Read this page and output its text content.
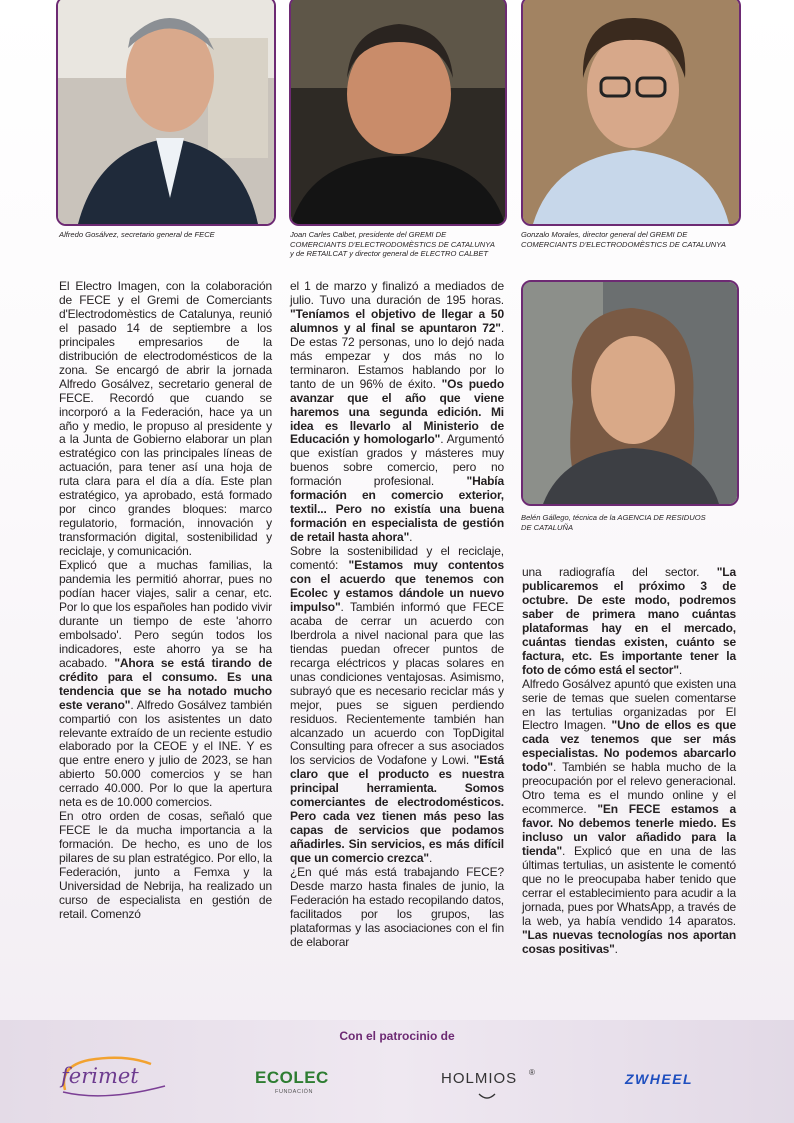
Alfredo Gosálvez, secretario general de FECE	Joan Carles Calbet, presidente del GREMI DE
COMERCIANTS D'ELECTRODOMÈSTICS DE CATALUNYA
y de RETAILCAT y director general de ELECTRO CALBET
Gonzalo Morales, director general del GREMI DE
COMERCIANTS D'ELECTRODOMÈSTICS DE CATALUNYA
Belén Gállego, técnica de la AGENCIA DE RESIDUOS
DE CATALUÑA

El Electro Imagen, con la colaboración de FECE y el Gremi de Comerciants d'Electrodomèstics de Catalunya, reunió el pasado 14 de septiembre a los principales empresarios de la distribución de electrodomésticos de la zona. Se encargó de abrir la jornada Alfredo Gosálvez, secretario general de FECE. Recordó que cuando se incorporó a la Federación, hace ya un año y medio, le propuso al presidente y a la Junta de Gobierno elaborar un plan estratégico con las principales líneas de actuación, para tener así una hoja de ruta clara para el día a día. Este plan estratégico, ya aprobado, está formado por cinco grandes bloques: marco regulatorio, formación, innovación y transformación digital, sostenibilidad y reciclaje, y comunicación.

Explicó que a muchas familias, la pandemia les permitió ahorrar, pues no podían hacer viajes, salir a cenar, etc. Por lo que los españoles han podido vivir durante un tiempo de este 'ahorro embolsado'. Pero según todos los indicadores, este ahorro ya se ha acabado. "Ahora se está tirando de crédito para el consumo. Es una tendencia que se ha notado mucho este verano". Alfredo Gosálvez también compartió con los asistentes un dato relevante extraído de un reciente estudio elaborado por la CEOE y el INE. Y es que entre enero y julio de 2023, se han abierto 50.000 comercios y se han cerrado 40.000. Por lo que la apertura neta es de 10.000 comercios.

En otro orden de cosas, señaló que FECE le da mucha importancia a la formación. De hecho, es uno de los pilares de su plan estratégico. Por ello, la Federación, junto a Femxa y la Universidad de Nebrija, ha realizado un curso de especialista en gestión de retail. Comenzó

el 1 de marzo y finalizó a mediados de julio. Tuvo una duración de 195 horas. "Teníamos el objetivo de llegar a 50 alumnos y al final se apuntaron 72". De estas 72 personas, uno lo dejó nada más empezar y dos más no lo terminaron. Estamos hablando por lo tanto de un 96% de éxito. "Os puedo avanzar que el año que viene haremos una segunda edición. Mi idea es llevarlo al Ministerio de Educación y homologarlo". Argumentó que existían grados y másteres muy buenos sobre comercio, pero no formación profesional.	"Había formación en comercio exterior, textil... Pero no existía una buena formación en especialista de gestión de retail hasta ahora".

Sobre la sostenibilidad y el reciclaje, comentó: "Estamos muy contentos con el acuerdo que tenemos con Ecolec y estamos dándole un nuevo impulso". También informó que FECE acaba de cerrar un acuerdo con Iberdrola a nivel nacional para que las tiendas puedan ofrecer puntos de recarga eléctricos y placas solares en unas condiciones ventajosas. Asimismo, subrayó que es necesario reciclar más y mejor, pues se siguen perdiendo residuos. Recientemente también han alcanzado un acuerdo con TopDigital Consulting para ofrecer a sus asociados los servicios de Vodafone y Lowi. "Está claro que el producto es nuestra principal herramienta. Somos comerciantes de electrodomésticos. Pero cada vez tienen más peso las capas de servicios que podamos añadirles. Sin servicios, es más difícil que un comercio crezca".

¿En qué más está trabajando FECE? Desde marzo hasta finales de junio, la Federación ha estado recopilando datos, facilitados por los grupos, las plataformas y las asociaciones con el fin de elaborar

una radiografía del sector. "La publicaremos el próximo 3 de octubre. De este modo, podremos saber de primera mano cuántas plataformas hay en el mercado, cuántas tiendas existen, cuánto se factura, etc. Es importante tener la foto de cómo está el sector".

Alfredo Gosálvez apuntó que existen una serie de temas que suelen comentarse en las tertulias organizadas por El Electro Imagen. "Uno de ellos es que cada vez tenemos que ser más especialistas. No podemos abarcarlo todo". También se habla mucho de la preocupación por el relevo generacional. Otro tema es el mundo online y el ecommerce. "En FECE estamos a favor. No debemos tenerle miedo. Es incluso un valor añadido para la tienda". Explicó que en una de las últimas tertulias, un asistente le comentó que no le preocupaba haber tenido que cerrar el establecimiento para acudir a la jornada, pues por WhatsApp, a través de la web, ya había vendido 14 aparatos. "Las nuevas tecnologías nos aportan cosas positivas".

Con el patrocinio de
ferimet	ECOLEC
FUNDACIÓN
HOLMIOS ®	ZWHEEL
